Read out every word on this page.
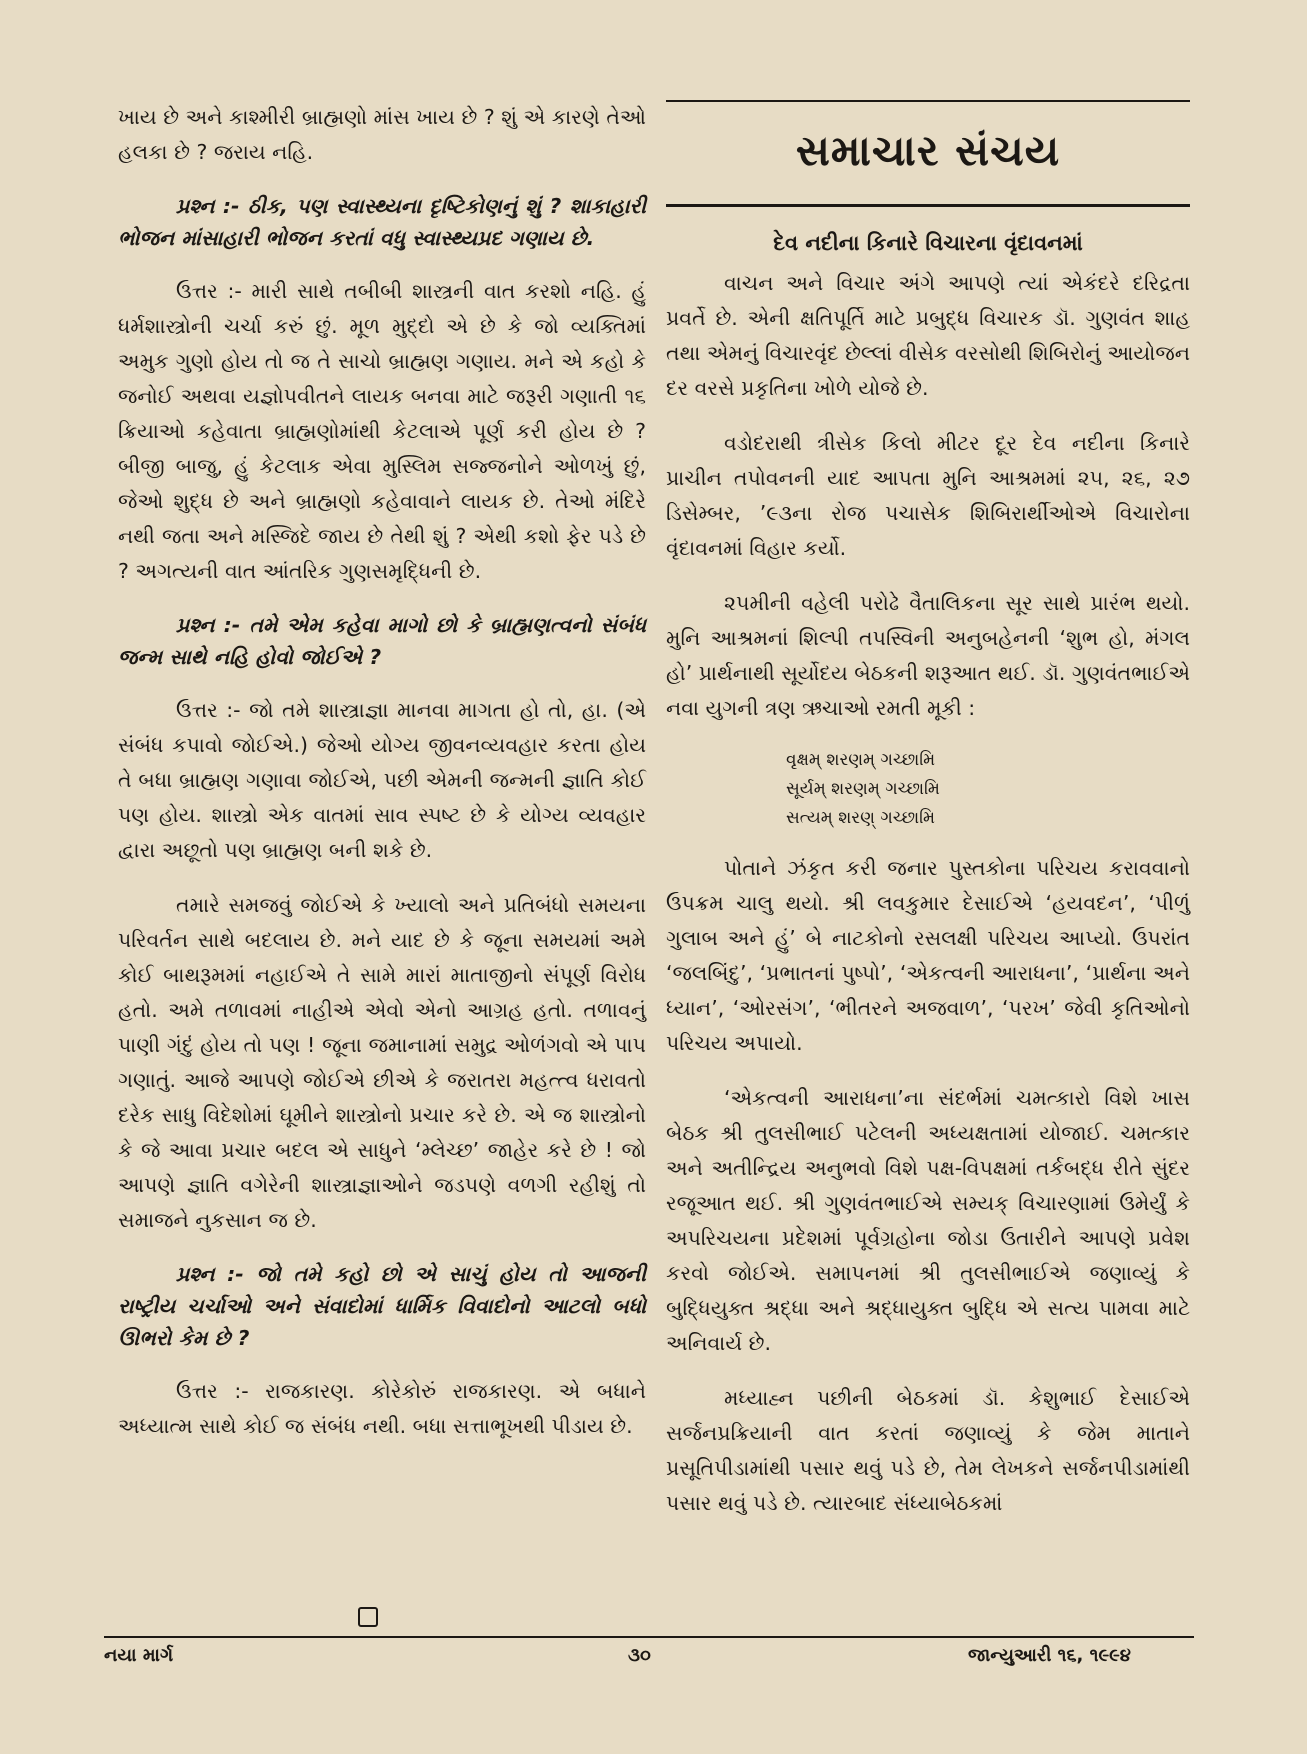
ખાય છે અને કાશ્મીરી બ્રાહ્મણો માંસ ખાય છે ? શું એ કારણે તેઓ હલકા છે ? જરાય નહિ.

પ્રશ્ન :- ઠીક, પણ સ્વાસ્થ્યના દૃષ્ટિકોણનું શું ? શાકાહારી ભોજન માંસાહારી ભોજન કરતાં વધુ સ્વાસ્થ્યપ્રદ ગણાય છે.

ઉત્તર :- મારી સાથે તબીબી શાસ્ત્રની વાત કરશો નહિ. હું ધર્મશાસ્ત્રોની ચર્ચા કરું છું. મૂળ મુદ્દો એ છે કે જો વ્યક્તિમાં અમુક ગુણો હોય તો જ તે સાચો બ્રાહ્મણ ગણાય. મને એ કહો કે જનોઈ અથવા યજ્ઞોપવીતને લાયક બનવા માટે જરૂરી ગણાતી ૧૬ ક્રિયાઓ કહેવાતા બ્રાહ્મણોમાંથી કેટલાએ પૂર્ણ કરી હોય છે ? બીજી બાજુ, હું કેટલાક એવા મુસ્લિમ સજ્જનોને ઓળખું છું, જેઓ શુદ્ધ છે અને બ્રાહ્મણો કહેવાવાને લાયક છે. તેઓ મંદિરે નથી જતા અને મસ્જિદે જાય છે તેથી શું ? એથી કશો ફેર પડે છે ? અગત્યની વાત આંતરિક ગુણસમૃદ્ધિની છે.

પ્રશ્ન :- તમે એમ કહેવા માગો છો કે બ્રાહ્મણત્વનો સંબંધ જન્મ સાથે નહિ હોવો જોઈએ ?

ઉત્તર :- જો તમે શાસ્ત્રાજ્ઞા માનવા માગતા હો તો, હા. (એ સંબંધ કપાવો જોઈએ.) જેઓ યોગ્ય જીવનવ્યવહાર કરતા હોય તે બધા બ્રાહ્મણ ગણાવા જોઈએ, પછી એમની જન્મની જ્ઞાતિ કોઈ પણ હોય. શાસ્ત્રો એક વાતમાં સાવ સ્પષ્ટ છે કે યોગ્ય વ્યવહાર દ્વારા અછૂતો પણ બ્રાહ્મણ બની શકે છે.

તમારે સમજવું જોઈએ કે ખ્યાલો અને પ્રતિબંધો સમયના પરિવર્તન સાથે બદલાય છે. મને યાદ છે કે જૂના સમયમાં અમે કોઈ બાથરૂમમાં નહાઈએ તે સામે મારાં માતાજીનો સંપૂર્ણ વિરોધ હતો. અમે તળાવમાં નાહીએ એવો એનો આગ્રહ હતો. તળાવનું પાણી ગંદું હોય તો પણ ! જૂના જમાનામાં સમુદ્ર ઓળંગવો એ પાપ ગણાતું. આજે આપણે જોઈએ છીએ કે જરાતરા મહત્ત્વ ધરાવતો દરેક સાધુ વિદેશોમાં ઘૂમીને શાસ્ત્રોનો પ્રચાર કરે છે. એ જ શાસ્ત્રોનો કે જે આવા પ્રચાર બદલ એ સાધુને ‘મ્લેચ્છ’ જાહેર કરે છે ! જો આપણે જ્ઞાતિ વગેરેની શાસ્ત્રાજ્ઞાઓને જડપણે વળગી રહીશું તો સમાજને નુકસાન જ છે.

પ્રશ્ન :- જો તમે કહો છો એ સાચું હોય તો આજની રાષ્ટ્રીય ચર્ચાઓ અને સંવાદોમાં ધાર્મિક વિવાદોનો આટલો બધો ઊભરો કેમ છે ?

ઉત્તર :- રાજકારણ. કોરેકોરું રાજકારણ. એ બધાને અધ્યાત્મ સાથે કોઈ જ સંબંધ નથી. બધા સત્તાભૂખથી પીડાય છે.

સમાચાર સંચય
દેવ નદીના કિનારે વિચારના વૃંદાવનમાં

વાચન અને વિચાર અંગે આપણે ત્યાં એકંદરે દરિદ્રતા પ્રવર્તે છે. એની ક્ષતિપૂર્તિ માટે પ્રબુદ્ધ વિચારક ડૉ. ગુણવંત શાહ તથા એમનું વિચારવૃંદ છેલ્લાં વીસેક વરસોથી શિબિરોનું આયોજન દર વરસે પ્રકૃતિના ખોળે યોજે છે.

વડોદરાથી ત્રીસેક કિલો મીટર દૂર દેવ નદીના કિનારે પ્રાચીન તપોવનની યાદ આપતા મુનિ આશ્રમમાં ૨૫, ૨૬, ૨૭ ડિસેમ્બર, ’૯૩ના રોજ પચાસેક શિબિરાર્થીઓએ વિચારોના વૃંદાવનમાં વિહાર કર્યો.

૨૫મીની વહેલી પરોઢે વૈતાલિકના સૂર સાથે પ્રારંભ થયો. મુનિ આશ્રમનાં શિલ્પી તપસ્વિની અનુબહેનની ‘શુભ હો, મંગલ હો’ પ્રાર્થનાથી સૂર્યોદય બેઠકની શરૂઆત થઈ. ડૉ. ગુણવંતભાઈએ નવા યુગની ત્રણ ઋચાઓ રમતી મૂકી :

વૃક્ષમ્ શરણમ્ ગચ્છામિ
સૂર્યમ્ શરણમ્ ગચ્છામિ
સત્યમ્ શરણ્ ગચ્છામિ

પોતાને ઝંકૃત કરી જનાર પુસ્તકોના પરિચય કરાવવાનો ઉપક્રમ ચાલુ થયો. શ્રી લવકુમાર દેસાઈએ ‘હયવદન’, ‘પીળું ગુલાબ અને હું’ બે નાટકોનો રસલક્ષી પરિચય આપ્યો. ઉપરાંત ‘જલબિંદુ’, ‘પ્રભાતનાં પુષ્પો’, ‘એકત્વની આરાધના’, ‘પ્રાર્થના અને ધ્યાન’, ‘ઓરસંગ’, ‘ભીતરને અજવાળ’, ‘પરખ’ જેવી કૃતિઓનો પરિચય અપાયો.

‘એકત્વની આરાધના’ના સંદર્ભમાં ચમત્કારો વિશે ખાસ બેઠક શ્રી તુલસીભાઈ પટેલની અધ્યક્ષતામાં યોજાઈ. ચમત્કાર અને અતીન્દ્રિય અનુભવો વિશે પક્ષ-વિપક્ષમાં તર્કબદ્ધ રીતે સુંદર રજૂઆત થઈ. શ્રી ગુણવંતભાઈએ સમ્યક્ વિચારણામાં ઉમેર્યું કે અપરિચયના પ્રદેશમાં પૂર્વગ્રહોના જોડા ઉતારીને આપણે પ્રવેશ કરવો જોઈએ. સમાપનમાં શ્રી તુલસીભાઈએ જણાવ્યું કે બુદ્ધિયુક્ત શ્રદ્ધા અને શ્રદ્ધાયુક્ત બુદ્ધિ એ સત્ય પામવા માટે અનિવાર્ય છે.

મધ્યાહ્ન પછીની બેઠકમાં ડૉ. કેશુભાઈ દેસાઈએ સર્જનપ્રક્રિયાની વાત કરતાં જણાવ્યું કે જેમ માતાને પ્રસૂતિપીડામાંથી પસાર થવું પડે છે, તેમ લેખકને સર્જનપીડામાંથી પસાર થવું પડે છે. ત્યારબાદ સંધ્યાબેઠકમાં

નયા માર્ગ	૩૦	જાન્યુઆરી ૧૬, ૧૯૯૪
